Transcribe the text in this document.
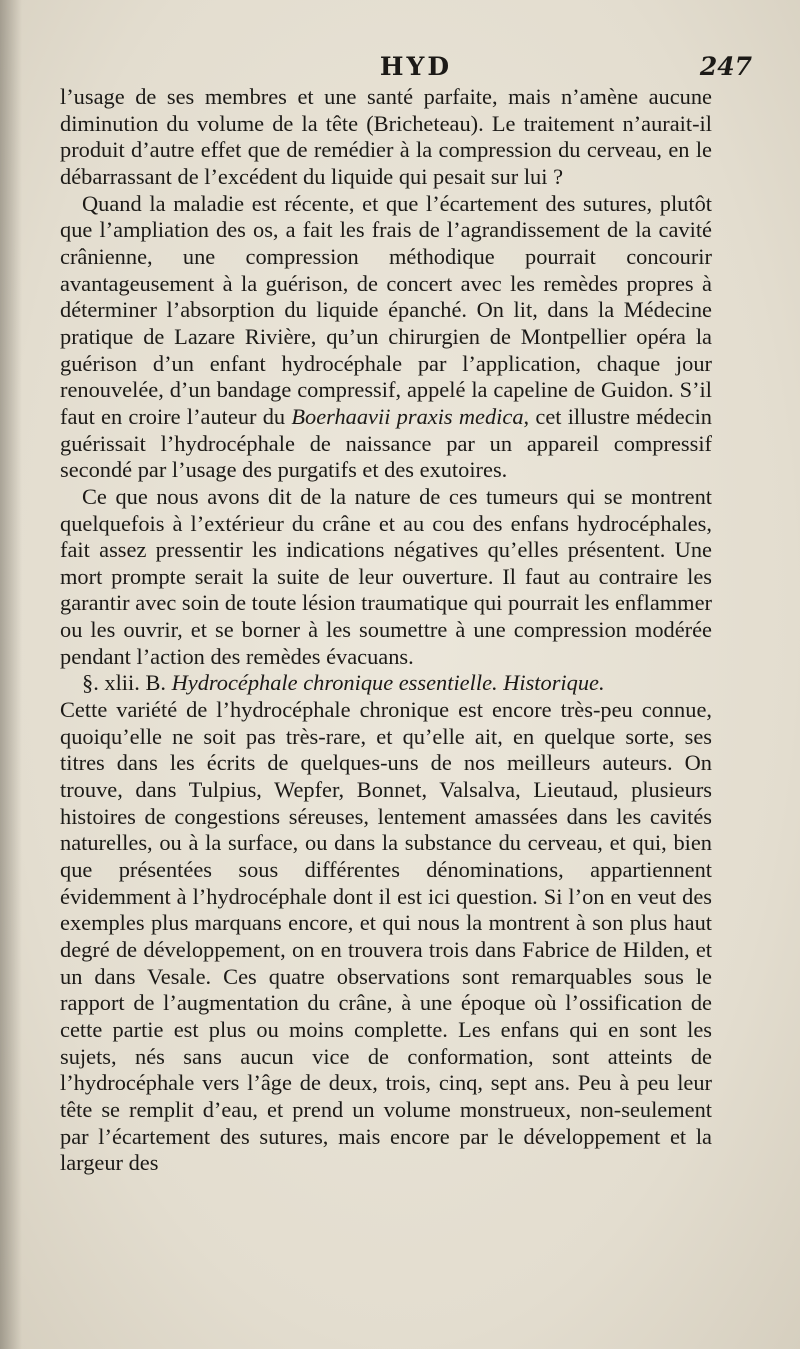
HYD	247

l’usage de ses membres et une santé parfaite, mais n’amène aucune diminution du volume de la tête (Bricheteau). Le traitement n’aurait-il produit d’autre effet que de remédier à la compression du cerveau, en le débarrassant de l’excédent du liquide qui pesait sur lui ?

Quand la maladie est récente, et que l’écartement des sutures, plutôt que l’ampliation des os, a fait les frais de l’agrandissement de la cavité crânienne, une compression méthodique pourrait concourir avantageusement à la guérison, de concert avec les remèdes propres à déterminer l’absorption du liquide épanché. On lit, dans la Médecine pratique de Lazare Rivière, qu’un chirurgien de Montpellier opéra la guérison d’un enfant hydrocéphale par l’application, chaque jour renouvelée, d’un bandage compressif, appelé la capeline de Guidon. S’il faut en croire l’auteur du Boerhaavii praxis medica, cet illustre médecin guérissait l’hydrocéphale de naissance par un appareil compressif secondé par l’usage des purgatifs et des exutoires.

Ce que nous avons dit de la nature de ces tumeurs qui se montrent quelquefois à l’extérieur du crâne et au cou des enfans hydrocéphales, fait assez pressentir les indications négatives qu’elles présentent. Une mort prompte serait la suite de leur ouverture. Il faut au contraire les garantir avec soin de toute lésion traumatique qui pourrait les enflammer ou les ouvrir, et se borner à les soumettre à une compression modérée pendant l’action des remèdes évacuans.

§. xlii. B. Hydrocéphale chronique essentielle. Historique.

Cette variété de l’hydrocéphale chronique est encore très-peu connue, quoiqu’elle ne soit pas très-rare, et qu’elle ait, en quelque sorte, ses titres dans les écrits de quelques-uns de nos meilleurs auteurs. On trouve, dans Tulpius, Wepfer, Bonnet, Valsalva, Lieutaud, plusieurs histoires de congestions séreuses, lentement amassées dans les cavités naturelles, ou à la surface, ou dans la substance du cerveau, et qui, bien que présentées sous différentes dénominations, appartiennent évidemment à l’hydrocéphale dont il est ici question. Si l’on en veut des exemples plus marquans encore, et qui nous la montrent à son plus haut degré de développement, on en trouvera trois dans Fabrice de Hilden, et un dans Vesale. Ces quatre observations sont remarquables sous le rapport de l’augmentation du crâne, à une époque où l’ossification de cette partie est plus ou moins complette. Les enfans qui en sont les sujets, nés sans aucun vice de conformation, sont atteints de l’hydrocéphale vers l’âge de deux, trois, cinq, sept ans. Peu à peu leur tête se remplit d’eau, et prend un volume monstrueux, non-seulement par l’écartement des sutures, mais encore par le développement et la largeur des
